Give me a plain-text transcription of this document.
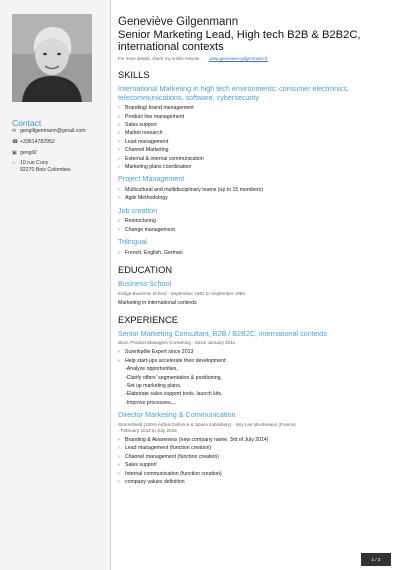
Contact
✉ genglilgenmann@gmail.com
☎ +33614782952
▣ gengil2
⌂ 10 rue Cuny
92270 Bois Colombes
Geneviève Gilgenmann
Senior Marketing Lead, High tech B2B & B2B2C, international contexts
For more details, check my online resume : www.genevieve-gilgenmann.fr
SKILLS
International Marketing in high tech environments: consumer electronics, telecommunications, software, cybersecurity
› Branding/ brand management
› Product line management
› Sales support
› Market research
› Lead management
› Channel Marketing
› External & internal communication
› Marketing plans coordination
Project Management
› Multicultural and multidisciplinary teams (up to 15 members)
› Agile Methodology
Job creation
› Restructuring
› Change management
Trilingual
› French, English, German
EDUCATION
Business School
Kedge Business School - September 1981 to September 1984
Marketing in international contexts
EXPERIENCE
Senior Marketing Consultant, B2B / B2B2C, international contexts
akuti, Product Managers Consulting - Since January 2011
› Scientipôle Expert since 2013
› Help start-ups accelerate their development:
-Analyze opportunities,
-Clarify offers' segmentation & positioning,
-Set up marketing plans,
-Elaborate sales support tools, launch kits,
-Improve processes,...
Director Marketing & Communication
Stormshield (100% Airbus Defence & Space subsidiary) - Issy Les Moulineaux (France)
- February 2014 to July 2016
› Branding & Awareness (new company name, 3rd of July 2014)
› Lead management (function creation)
› Channel management (function creation)
› Sales support
› Internal communication (function creation)
› company values definition
1 / 2
